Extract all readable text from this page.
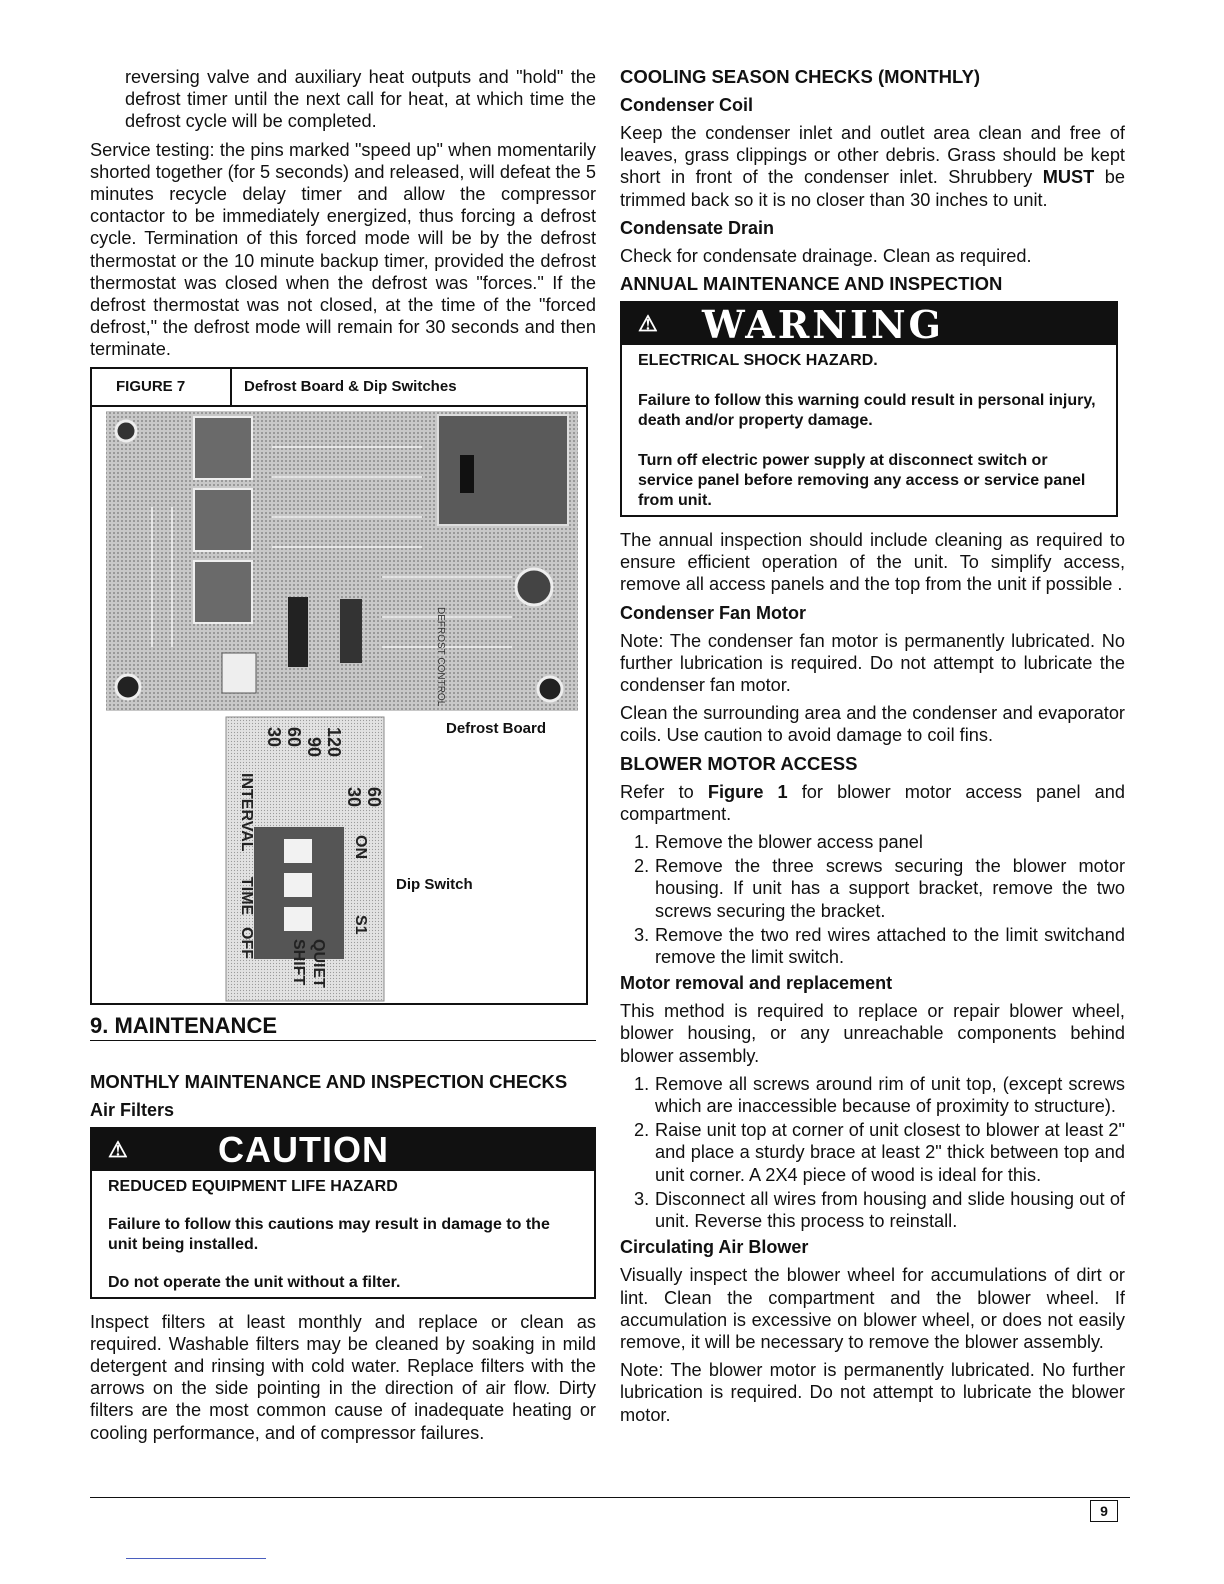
reversing valve and auxiliary heat outputs and "hold" the defrost timer until the next call for heat, at which time the defrost cycle will be completed.

Service testing: the pins marked "speed up" when momentarily shorted together (for 5 seconds) and released, will defeat the 5 minutes recycle delay timer and allow the compressor contactor to be immediately energized, thus forcing a defrost cycle. Termination of this forced mode will be by the defrost thermostat or the 10 minute backup timer, provided the defrost thermostat was closed when the defrost was "forces." If the defrost thermostat was not closed, at the time of the "forced defrost," the defrost mode will remain for 30 seconds and then terminate.

FIGURE 7	Defrost Board & Dip Switches
INTERVAL
TIME
OFF
ON
S1
QUIET
SHIFT
30 60 90 120
30 60
DEFROST CONTROL
Defrost Board
Dip Switch
9. MAINTENANCE
MONTHLY MAINTENANCE AND INSPECTION CHECKS
Air Filters
⚠	CAUTION

REDUCED EQUIPMENT LIFE HAZARD

Failure to follow this cautions may result in damage to the unit being installed.

Do not operate the unit without a filter.

Inspect filters at least monthly and replace or clean as required. Washable filters may be cleaned by soaking in mild detergent and rinsing with cold water. Replace filters with the arrows on the side pointing in the direction of air flow. Dirty filters are the most common cause of inadequate heating or cooling performance, and of compressor failures.

COOLING SEASON CHECKS (MONTHLY)
Condenser Coil

Keep the condenser inlet and outlet area clean and free of leaves, grass clippings or other debris. Grass should be kept short in front of the condenser inlet. Shrubbery MUST be trimmed back so it is no closer than 30 inches to unit.

Condensate Drain

Check for condensate drainage. Clean as required.

ANNUAL MAINTENANCE AND INSPECTION
⚠	WARNING

ELECTRICAL SHOCK HAZARD.

Failure to follow this warning could result in personal injury, death and/or property damage.

Turn off electric power supply at disconnect switch or service panel before removing any access or service panel from unit.

The annual inspection should include cleaning as required to ensure efficient operation of the unit. To simplify access, remove all access panels and the top from the unit if possible .

Condenser Fan Motor

Note: The condenser fan motor is permanently lubricated. No further lubrication is required. Do not attempt to lubricate the condenser fan motor.

Clean the surrounding area and the condenser and evaporator coils. Use caution to avoid damage to coil fins.

BLOWER MOTOR ACCESS

Refer to Figure 1 for blower motor access panel and compartment.

1. Remove the blower access panel
2. Remove the three screws securing the blower motor housing. If unit has a support bracket, remove the two screws securing the bracket.
3. Remove the two red wires attached to the limit switchand remove the limit switch.
Motor removal and replacement

This method is required to replace or repair blower wheel, blower housing, or any unreachable components behind blower assembly.

1. Remove all screws around rim of unit top, (except screws which are inaccessible because of proximity to structure).
2. Raise unit top at corner of unit closest to blower at least 2" and place a sturdy brace at least 2" thick between top and unit corner. A 2X4 piece of wood is ideal for this.
3. Disconnect all wires from housing and slide housing out of unit. Reverse this process to reinstall.
Circulating Air Blower

Visually inspect the blower wheel for accumulations of dirt or lint. Clean the compartment and the blower wheel. If accumulation is excessive on blower wheel, or does not easily remove, it will be necessary to remove the blower assembly.

Note: The blower motor is permanently lubricated. No further lubrication is required. Do not attempt to lubricate the blower motor.

9
